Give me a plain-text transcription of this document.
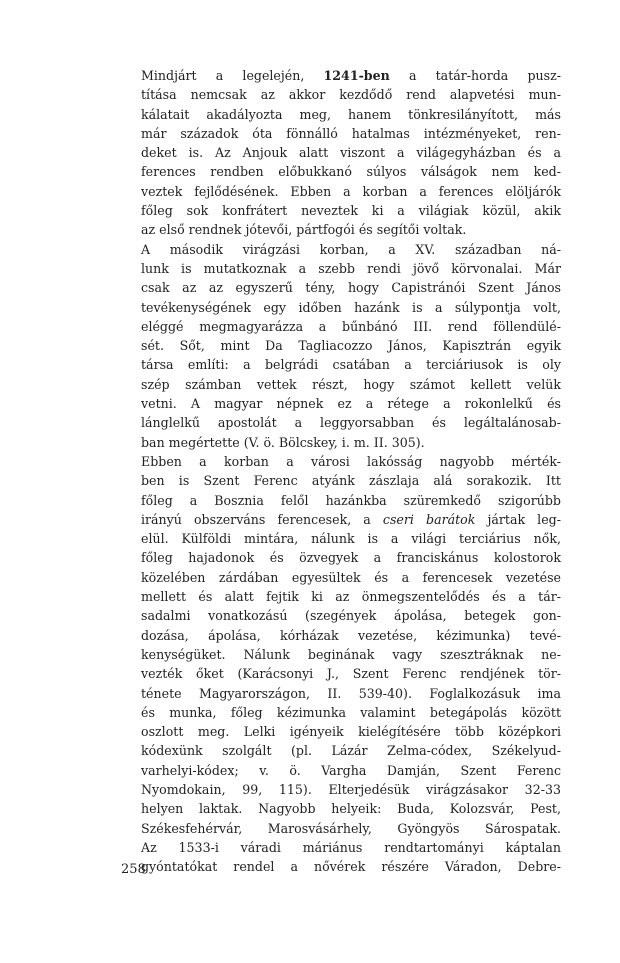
Mindjárt a legelején, 1241-ben a tatár-horda pusz-
títása nemcsak az akkor kezdődő rend alapvetési mun-
kálatait akadályozta meg, hanem tönkresilányított, más
már századok óta fönnálló hatalmas intézményeket, ren-
deket is. Az Anjouk alatt viszont a világegyházban és a
ferences rendben előbukkanó súlyos válságok nem ked-
veztek fejlődésének. Ebben a korban a ferences elöljárók
főleg sok konfrátert neveztek ki a világiak közül, akik
az első rendnek jótevői, pártfogói és segítői voltak.

A második virágzási korban, a XV. században ná-
lunk is mutatkoznak a szebb rendi jövő körvonalai. Már
csak az az egyszerű tény, hogy Capistránói Szent János
tevékenységének egy időben hazánk is a súlypontja volt,
eléggé megmagyarázza a bűnbánó III. rend föllendülé-
sét. Sőt, mint Da Tagliacozzo János, Kapisztrán egyik
társa említi: a belgrádi csatában a terciáriusok is oly
szép számban vettek részt, hogy számot kellett velük
vetni. A magyar népnek ez a rétege a rokonlelkű és
lánglelkű apostolát a leggyorsabban és legáltalánosab-
ban megértette (V. ö. Bölcskey, i. m. II. 305).

Ebben a korban a városi lakósság nagyobb mérték-
ben is Szent Ferenc atyánk zászlaja alá sorakozik. Itt
főleg a Bosznia felől hazánkba szüremkedő szigorúbb
irányú obszerváns ferencesek, a cseri barátok jártak leg-
elül. Külföldi mintára, nálunk is a világi terciárius nők,
főleg hajadonok és özvegyek a franciskánus kolostorok
közelében zárdában egyesültek és a ferencesek vezetése
mellett és alatt fejtik ki az önmegszentelődés és a tár-
sadalmi vonatkozású (szegények ápolása, betegek gon-
dozása, ápolása, kórházak vezetése, kézimunka) tevé-
kenységüket. Nálunk beginának vagy szesztráknak ne-
vezték őket (Karácsonyi J., Szent Ferenc rendjének tör-
ténete Magyarországon, II. 539-40). Foglalkozásuk ima
és munka, főleg kézimunka valamint betegápolás között
oszlott meg. Lelki igényeik kielégítésére több középkori
kódexünk szolgált (pl. Lázár Zelma-códex, Székelyud-
varhelyi-kódex; v. ö. Vargha Damján, Szent Ferenc
Nyomdokain, 99, 115). Elterjedésük virágzásakor 32-33
helyen laktak. Nagyobb helyeik: Buda, Kolozsvár, Pest,
Székesfehérvár, Marosvásárhely, Gyöngyös Sárospatak.
Az 1533-i váradi máriánus rendtartományi káptalan
gyóntatókat rendel a nővérek részére Váradon, Debre-

258
